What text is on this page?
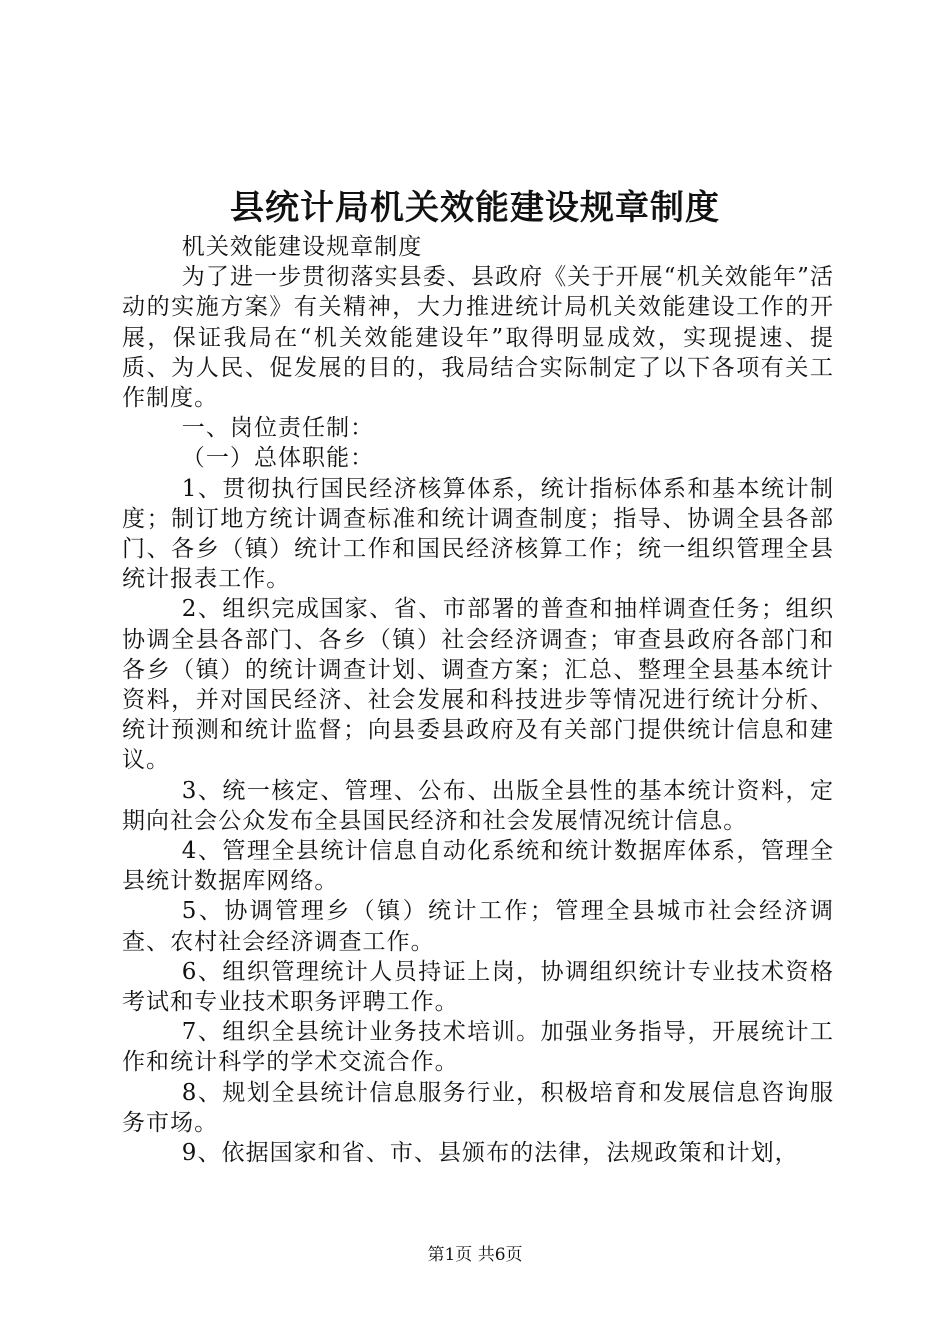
县统计局机关效能建设规章制度

机关效能建设规章制度

为了进一步贯彻落实县委、县政府《关于开展“机关效能年”活动的实施方案》有关精神，大力推进统计局机关效能建设工作的开展，保证我局在“机关效能建设年”取得明显成效，实现提速、提质、为人民、促发展的目的，我局结合实际制定了以下各项有关工作制度。

一、岗位责任制：

（一）总体职能：

1、贯彻执行国民经济核算体系，统计指标体系和基本统计制度；制订地方统计调查标准和统计调查制度；指导、协调全县各部门、各乡（镇）统计工作和国民经济核算工作；统一组织管理全县统计报表工作。

2、组织完成国家、省、市部署的普查和抽样调查任务；组织协调全县各部门、各乡（镇）社会经济调查；审查县政府各部门和各乡（镇）的统计调查计划、调查方案；汇总、整理全县基本统计资料，并对国民经济、社会发展和科技进步等情况进行统计分析、统计预测和统计监督；向县委县政府及有关部门提供统计信息和建议。

3、统一核定、管理、公布、出版全县性的基本统计资料，定期向社会公众发布全县国民经济和社会发展情况统计信息。

4、管理全县统计信息自动化系统和统计数据库体系，管理全县统计数据库网络。

5、协调管理乡（镇）统计工作；管理全县城市社会经济调查、农村社会经济调查工作。

6、组织管理统计人员持证上岗，协调组织统计专业技术资格考试和专业技术职务评聘工作。

7、组织全县统计业务技术培训。加强业务指导，开展统计工作和统计科学的学术交流合作。

8、规划全县统计信息服务行业，积极培育和发展信息咨询服务市场。

9、依据国家和省、市、县颁布的法律，法规政策和计划，

第1页 共6页
